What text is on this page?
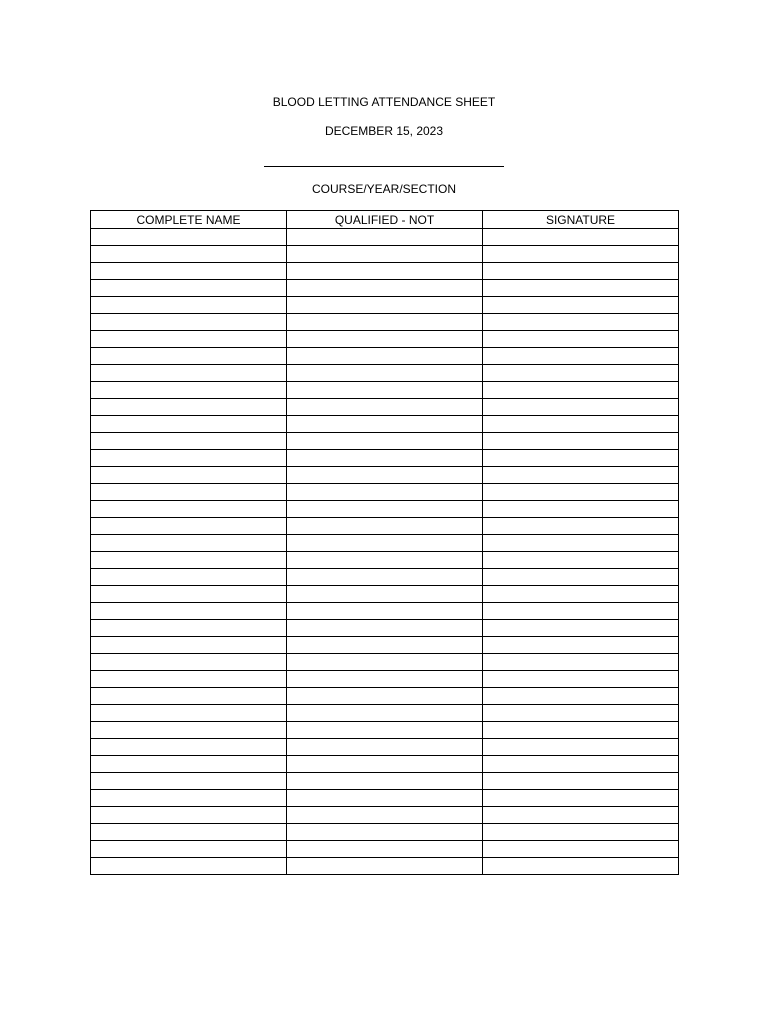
BLOOD LETTING ATTENDANCE SHEET
DECEMBER 15, 2023
COURSE/YEAR/SECTION
COMPLETE NAME	QUALIFIED - NOT	SIGNATURE
